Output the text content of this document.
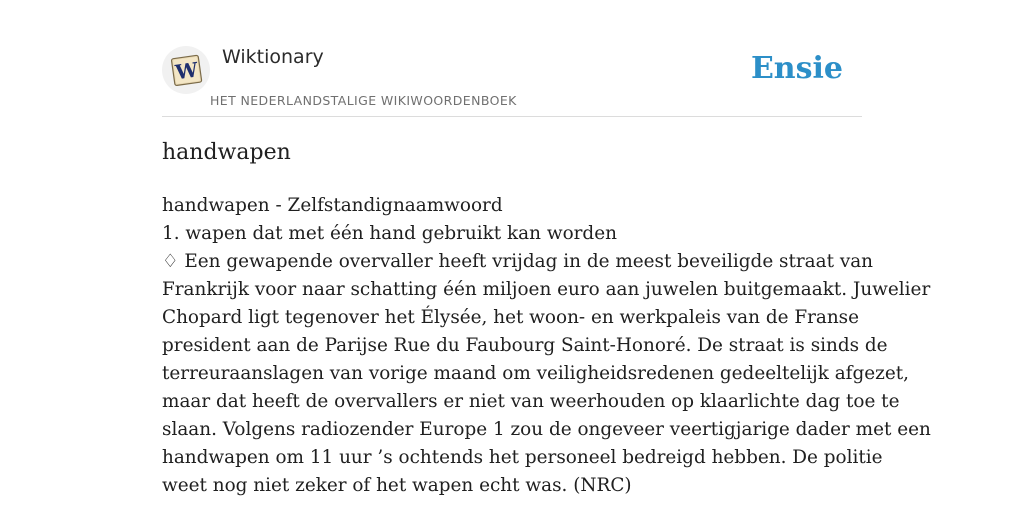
W
Wiktionary
HET NEDERLANDSTALIGE WIKIWOORDENBOEK
Ensie
handwapen
handwapen - Zelfstandignaamwoord
1. wapen dat met één hand gebruikt kan worden
♢ Een gewapende overvaller heeft vrijdag in de meest beveiligde straat van
Frankrijk voor naar schatting één miljoen euro aan juwelen buitgemaakt. Juwelier
Chopard ligt tegenover het Élysée, het woon- en werkpaleis van de Franse
president aan de Parijse Rue du Faubourg Saint-Honoré. De straat is sinds de
terreuraanslagen van vorige maand om veiligheidsredenen gedeeltelijk afgezet,
maar dat heeft de overvallers er niet van weerhouden op klaarlichte dag toe te
slaan. Volgens radiozender Europe 1 zou de ongeveer veertigjarige dader met een
handwapen om 11 uur ’s ochtends het personeel bedreigd hebben. De politie
weet nog niet zeker of het wapen echt was. (NRC)
